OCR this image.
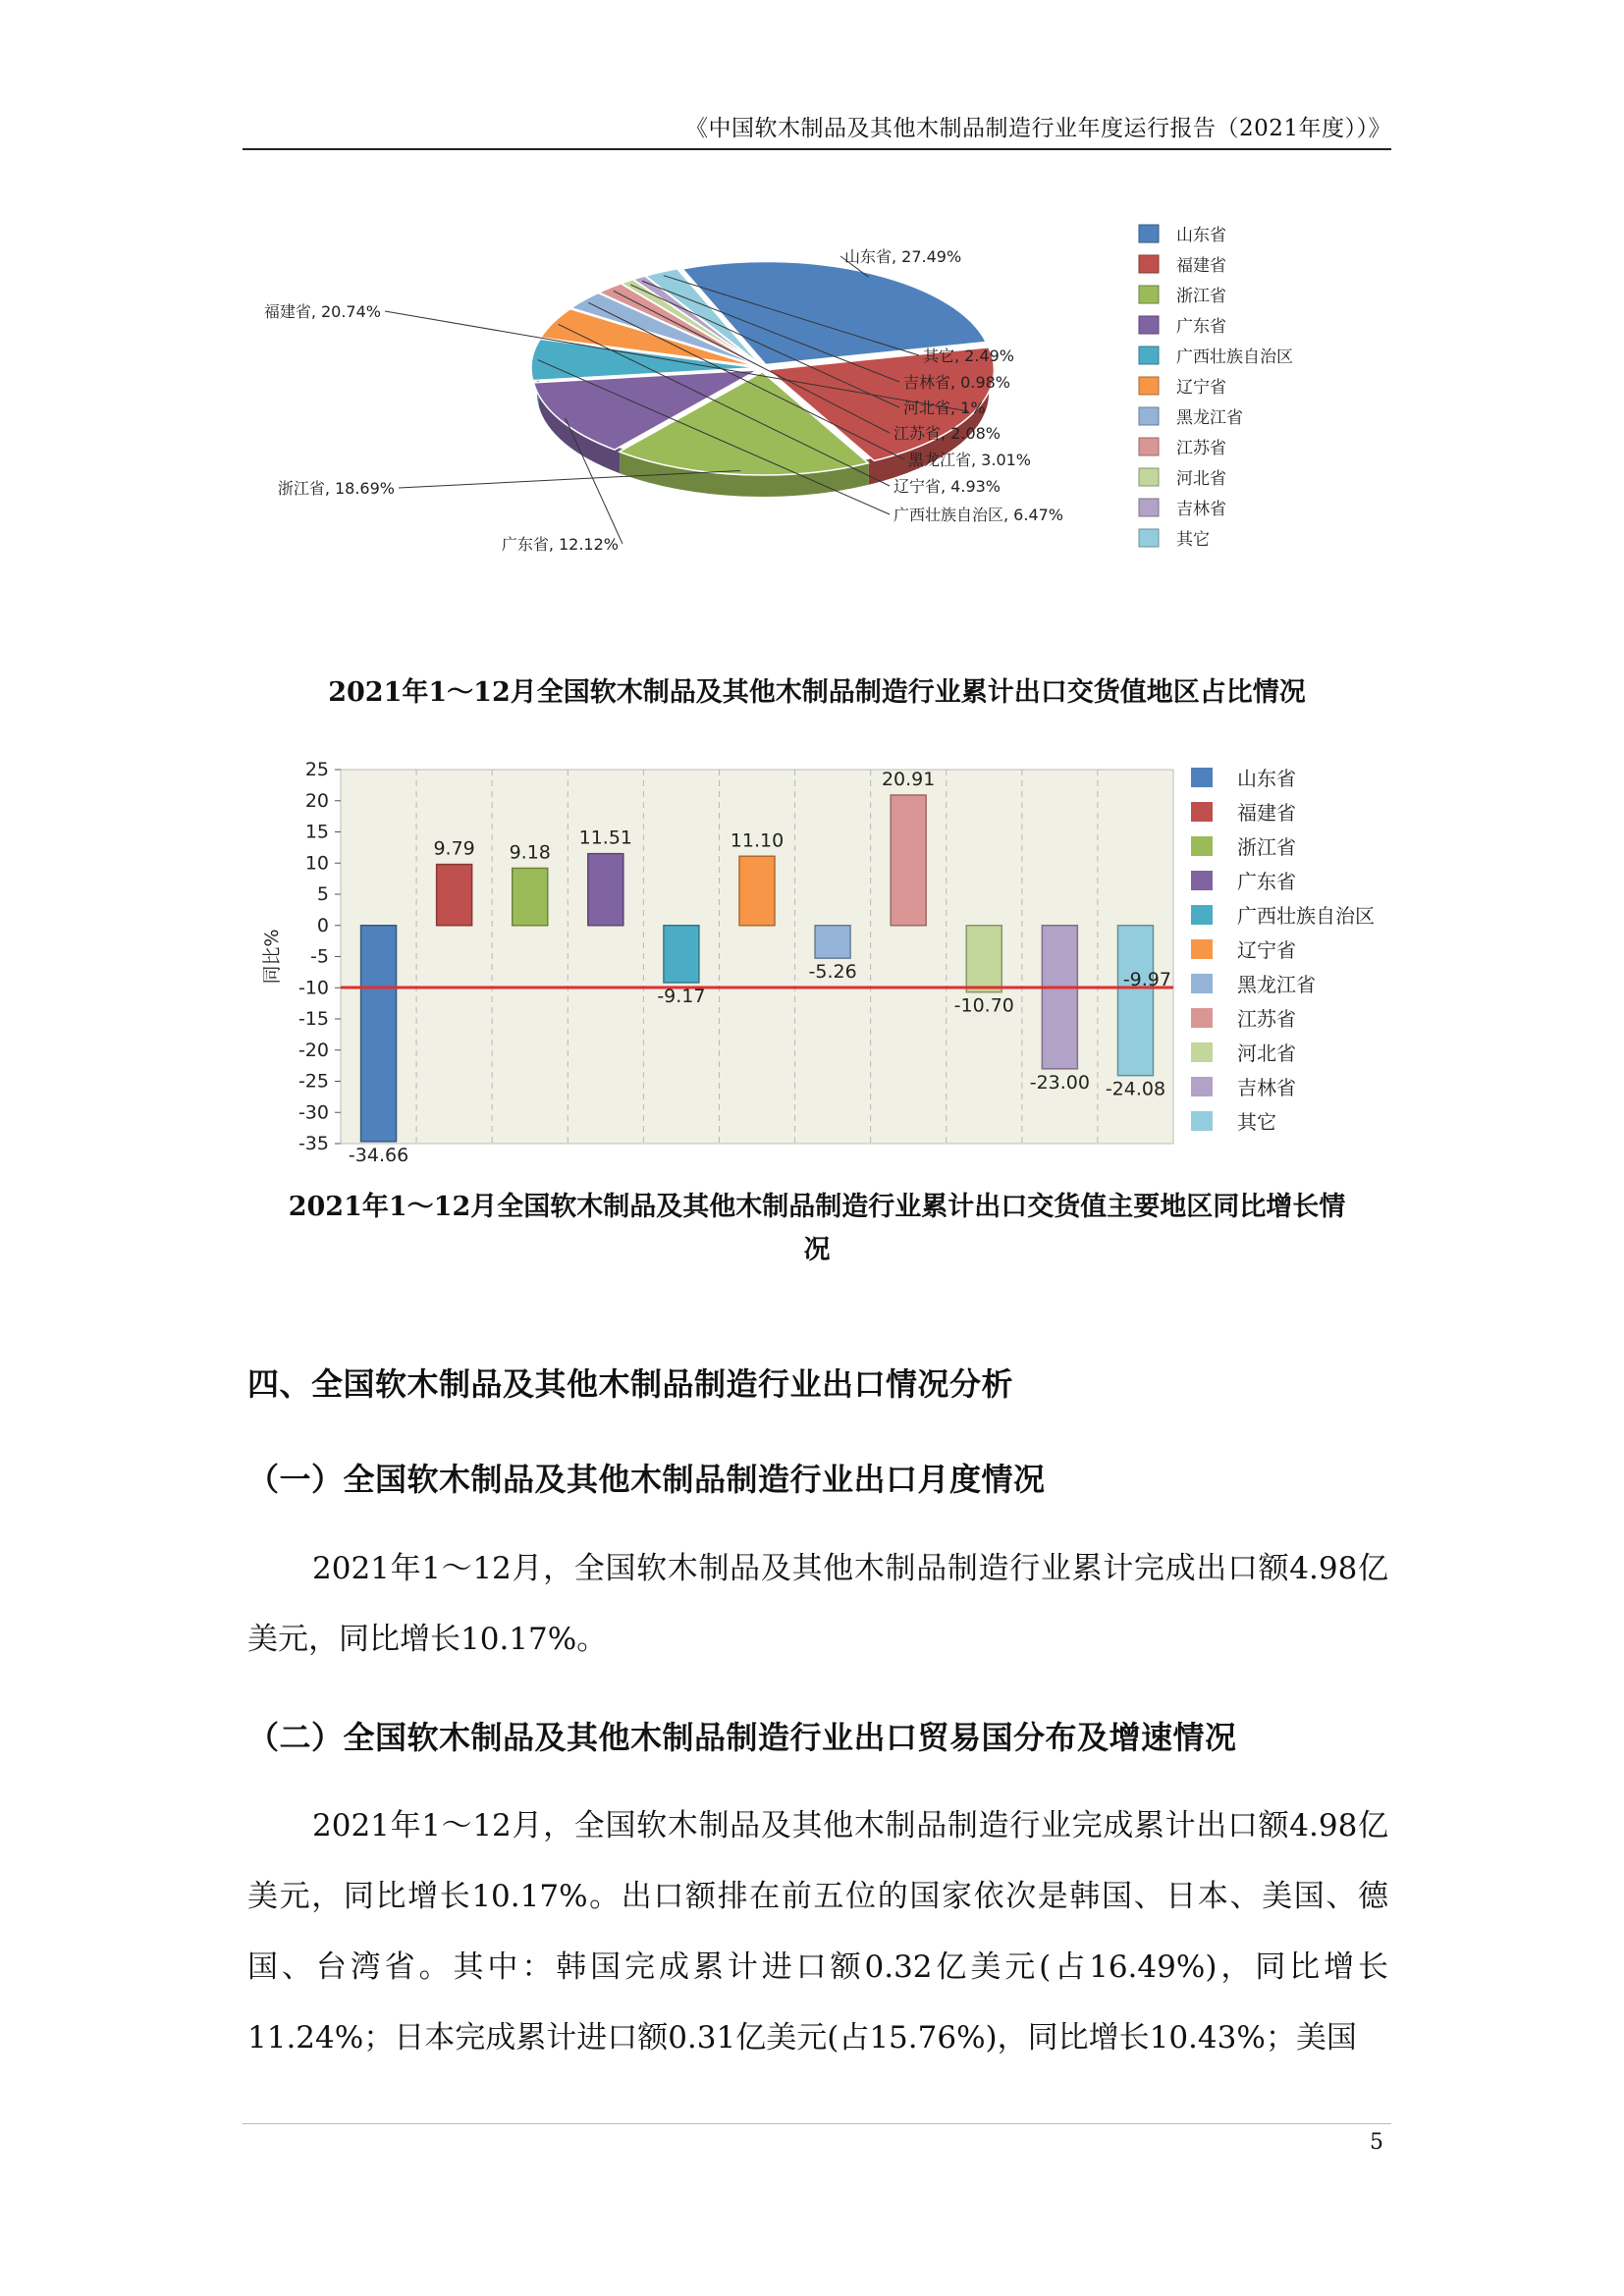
《中国软木制品及其他木制品制造行业年度运行报告（2021年度））》
山东省, 27.49%
福建省, 20.74%
浙江省, 18.69%
广东省, 12.12%
广西壮族自治区, 6.47%
辽宁省, 4.93%
黑龙江省, 3.01%
江苏省, 2.08%
河北省, 1%
吉林省, 0.98%
其它, 2.49%
山东省
福建省
浙江省
广东省
广西壮族自治区
辽宁省
黑龙江省
江苏省
河北省
吉林省
其它
2021年1～12月全国软木制品及其他木制品制造行业累计出口交货值地区占比情况
-34.66
9.79 9.18
11.51
-9.17
11.10
-5.26
20.91
-10.70
-23.00 -24.08
-9.97
25
20
15
10
5
0
-5
-10
-15
-20
-25
-30
-35
同比%
山东省
福建省
浙江省
广东省
广西壮族自治区
辽宁省
黑龙江省
江苏省
河北省
吉林省
其它
2021年1～12月全国软木制品及其他木制品制造行业累计出口交货值主要地区同比增长情
况
四、全国软木制品及其他木制品制造行业出口情况分析
（一）全国软木制品及其他木制品制造行业出口月度情况

2021年1～12月，全国软木制品及其他木制品制造行业累计完成出口额4.98亿美元，同比增长10.17%。

（二）全国软木制品及其他木制品制造行业出口贸易国分布及增速情况

2021年1～12月，全国软木制品及其他木制品制造行业完成累计出口额4.98亿美元，同比增长10.17%。出口额排在前五位的国家依次是韩国、日本、美国、德国、台湾省。其中：韩国完成累计进口额0.32亿美元(占16.49%)，同比增长11.24%；日本完成累计进口额0.31亿美元(占15.76%)，同比增长10.43%；美国

5
